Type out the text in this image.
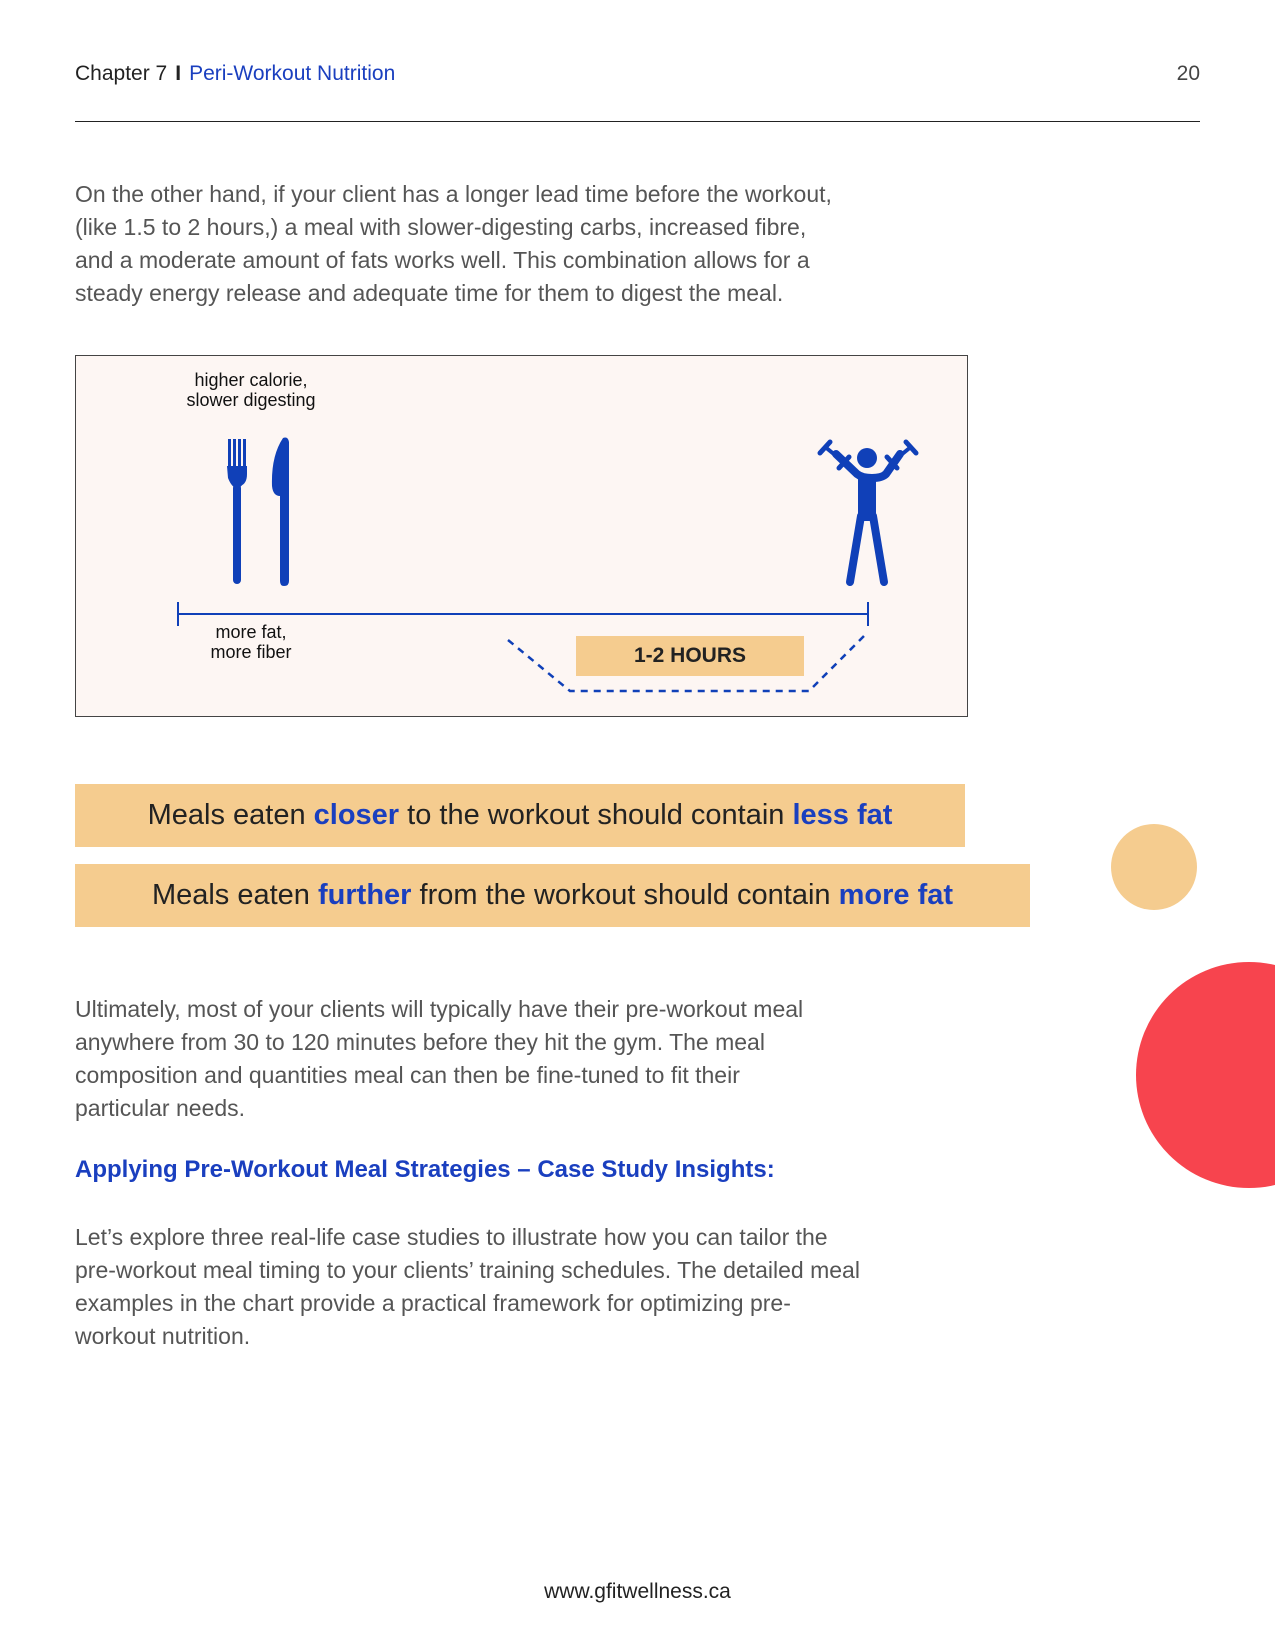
Chapter 7 I Peri-Workout Nutrition	20
On the other hand, if your client has a longer lead time before the workout,
(like 1.5 to 2 hours,) a meal with slower-digesting carbs, increased fibre,
and a moderate amount of fats works well. This combination allows for a
steady energy release and adequate time for them to digest the meal.
higher calorie,
slower digesting
more fat,
more fiber	1-2 HOURS
Meals eaten closer to the workout should contain less fat
Meals eaten further from the workout should contain more fat
Ultimately, most of your clients will typically have their pre-workout meal
anywhere from 30 to 120 minutes before they hit the gym. The meal
composition and quantities meal can then be fine-tuned to fit their
particular needs.
Applying Pre-Workout Meal Strategies – Case Study Insights:
Let’s explore three real-life case studies to illustrate how you can tailor the
pre-workout meal timing to your clients’ training schedules. The detailed meal
examples in the chart provide a practical framework for optimizing pre-
workout nutrition.
www.gfitwellness.ca
